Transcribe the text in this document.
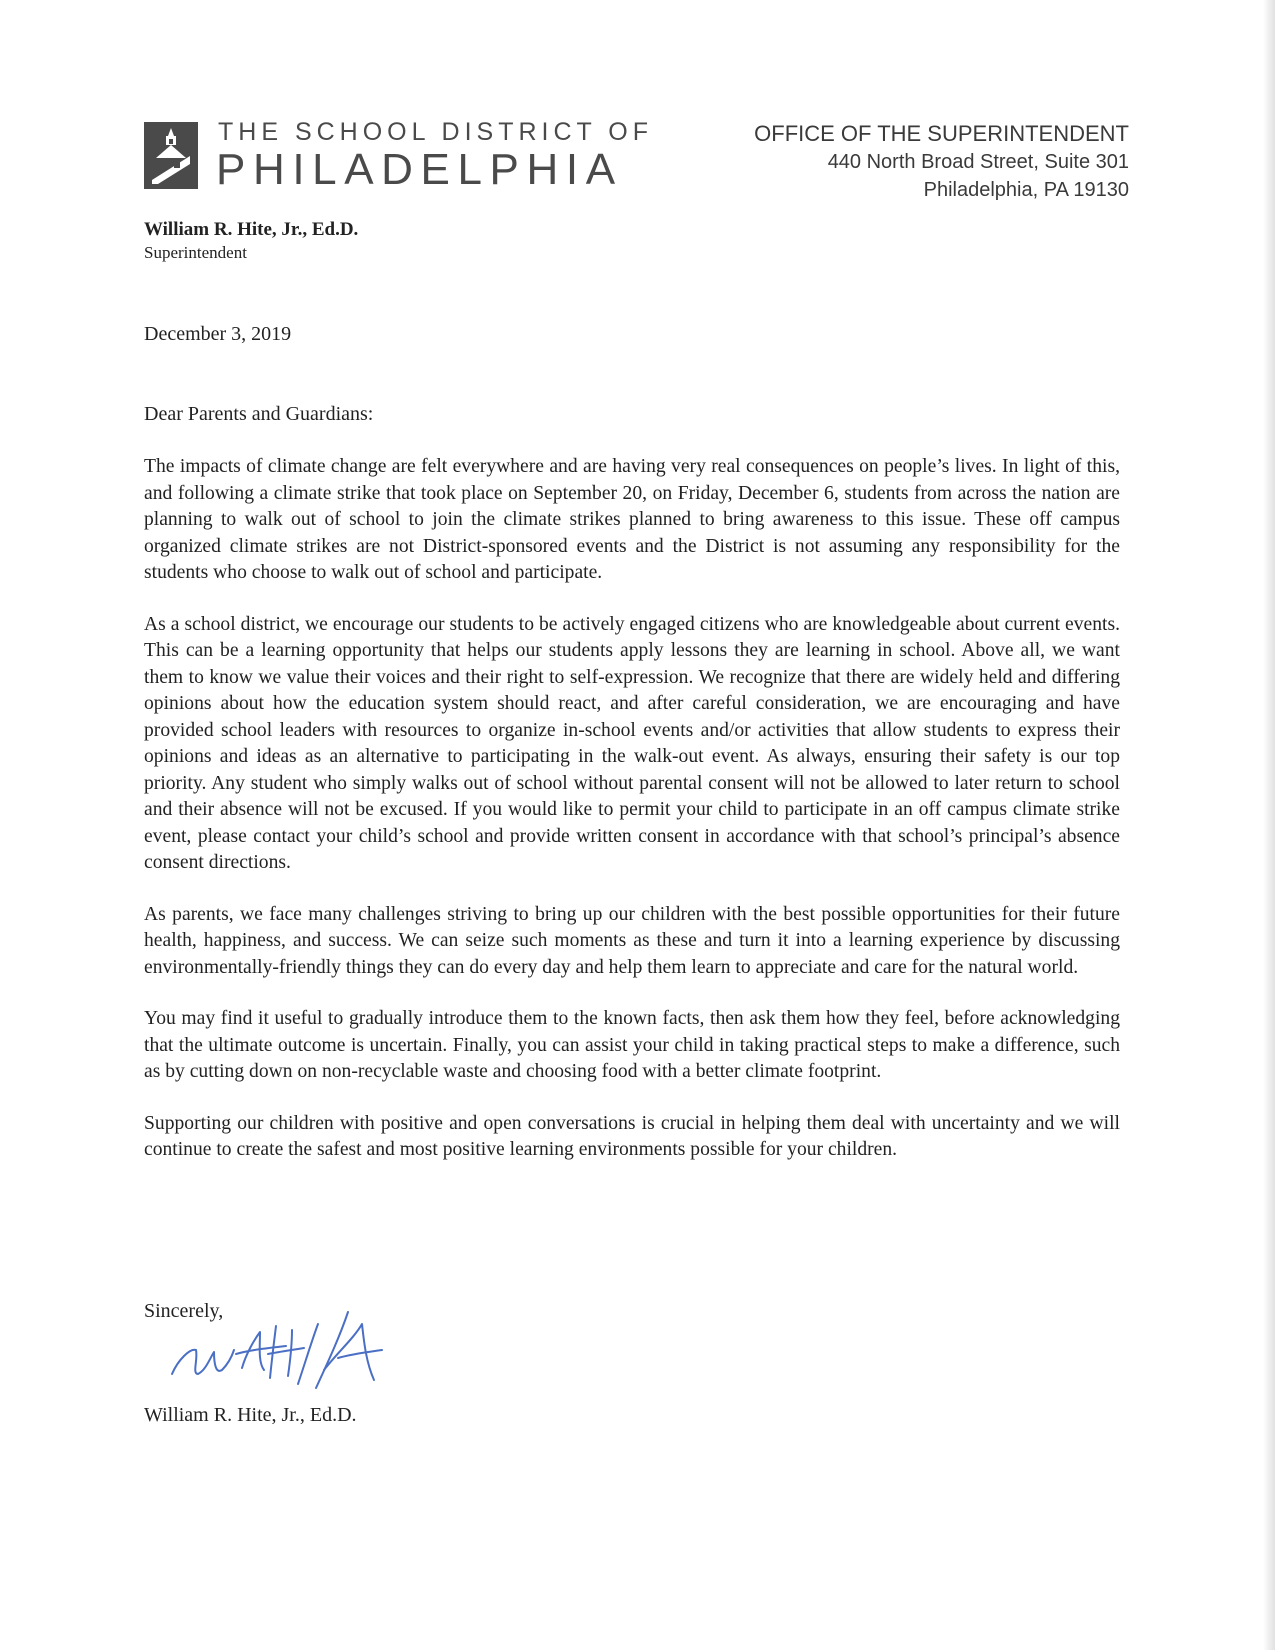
THE SCHOOL DISTRICT OF
PHILADELPHIA
OFFICE OF THE SUPERINTENDENT
440 North Broad Street, Suite 301
Philadelphia, PA 19130
William R. Hite, Jr., Ed.D.
Superintendent
December 3, 2019
Dear Parents and Guardians:

The impacts of climate change are felt everywhere and are having very real consequences on people’s lives. In light of this, and following a climate strike that took place on September 20, on Friday, December 6, students from across the nation are planning to walk out of school to join the climate strikes planned to bring awareness to this issue. These off campus organized climate strikes are not District-sponsored events and the District is not assuming any responsibility for the students who choose to walk out of school and participate.

As a school district, we encourage our students to be actively engaged citizens who are knowledgeable about current events. This can be a learning opportunity that helps our students apply lessons they are learning in school. Above all, we want them to know we value their voices and their right to self-expression. We recognize that there are widely held and differing opinions about how the education system should react, and after careful consideration, we are encouraging and have provided school leaders with resources to organize in-school events and/or activities that allow students to express their opinions and ideas as an alternative to participating in the walk-out event. As always, ensuring their safety is our top priority. Any student who simply walks out of school without parental consent will not be allowed to later return to school and their absence will not be excused. If you would like to permit your child to participate in an off campus climate strike event, please contact your child’s school and provide written consent in accordance with that school’s principal’s absence consent directions.

As parents, we face many challenges striving to bring up our children with the best possible opportunities for their future health, happiness, and success. We can seize such moments as these and turn it into a learning experience by discussing environmentally-friendly things they can do every day and help them learn to appreciate and care for the natural world.

You may find it useful to gradually introduce them to the known facts, then ask them how they feel, before acknowledging that the ultimate outcome is uncertain. Finally, you can assist your child in taking practical steps to make a difference, such as by cutting down on non-recyclable waste and choosing food with a better climate footprint.

Supporting our children with positive and open conversations is crucial in helping them deal with uncertainty and we will continue to create the safest and most positive learning environments possible for your children.

Sincerely,
William R. Hite, Jr., Ed.D.
